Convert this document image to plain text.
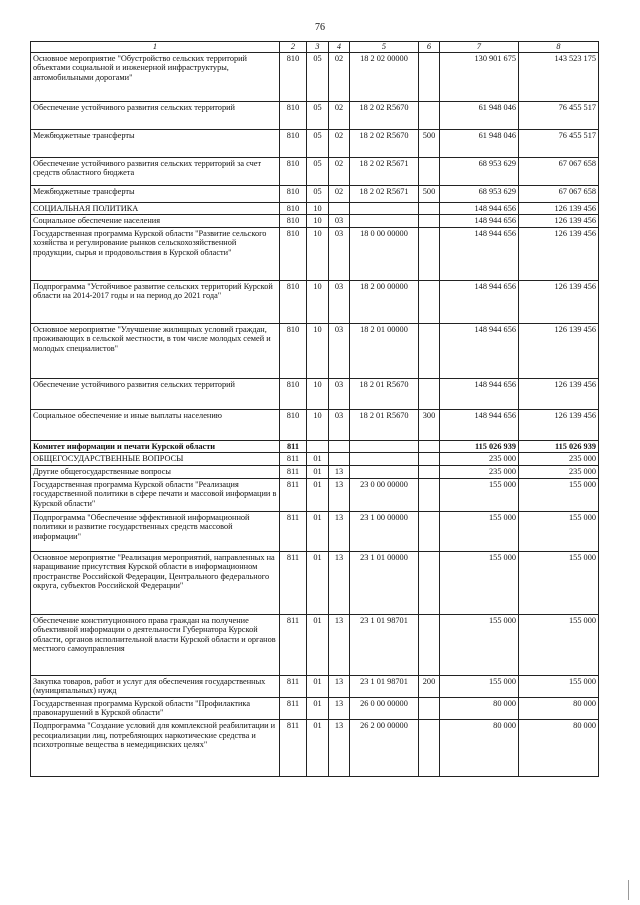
76
1	2	3	4	5	6	7	8
Основное мероприятие "Обустройство сельских территорий объектами социальной и инженерной инфраструктуры, автомобильными дорогами"	810	05	02	18 2 02 00000		130 901 675	143 523 175
Обеспечение устойчивого развития сельских территорий	810	05	02	18 2 02 R5670		61 948 046	76 455 517
Межбюджетные трансферты	810	05	02	18 2 02 R5670	500	61 948 046	76 455 517
Обеспечение устойчивого развития сельских территорий за счет средств областного бюджета	810	05	02	18 2 02 R5671		68 953 629	67 067 658
Межбюджетные трансферты	810	05	02	18 2 02 R5671	500	68 953 629	67 067 658
СОЦИАЛЬНАЯ ПОЛИТИКА	810	10				148 944 656	126 139 456
Социальное обеспечение населения	810	10	03			148 944 656	126 139 456
Государственная программа Курской области "Развитие сельского хозяйства и регулирование рынков сельскохозяйственной продукции, сырья и продовольствия в Курской области"	810	10	03	18 0 00 00000		148 944 656	126 139 456
Подпрограмма "Устойчивое развитие сельских территорий Курской области на 2014-2017 годы и на период до 2021 года"	810	10	03	18 2 00 00000		148 944 656	126 139 456
Основное мероприятие "Улучшение жилищных условий граждан, проживающих в сельской местности, в том числе молодых семей и молодых специалистов"	810	10	03	18 2 01 00000		148 944 656	126 139 456
Обеспечение устойчивого развития сельских территорий	810	10	03	18 2 01 R5670		148 944 656	126 139 456
Социальное обеспечение и иные выплаты населению	810	10	03	18 2 01 R5670	300	148 944 656	126 139 456
Комитет информации и печати Курской области	811					115 026 939	115 026 939
ОБЩЕГОСУДАРСТВЕННЫЕ ВОПРОСЫ	811	01				235 000	235 000
Другие общегосударственные вопросы	811	01	13			235 000	235 000
Государственная программа Курской области "Реализация государственной политики в сфере печати и массовой информации в Курской области"	811	01	13	23 0 00 00000		155 000	155 000
Подпрограмма "Обеспечение эффективной информационной политики и развитие государственных средств массовой информации"	811	01	13	23 1 00 00000		155 000	155 000
Основное мероприятие "Реализация мероприятий, направленных на наращивание присутствия Курской области в информационном пространстве Российской Федерации, Центрального федерального округа, субъектов Российской Федерации"	811	01	13	23 1 01 00000		155 000	155 000
Обеспечение конституционного права граждан на получение объективной информации о деятельности Губернатора Курской области, органов исполнительной власти Курской области и органов местного самоуправления	811	01	13	23 1 01 98701		155 000	155 000
Закупка товаров, работ и услуг для обеспечения государственных (муниципальных) нужд	811	01	13	23 1 01 98701	200	155 000	155 000
Государственная программа Курской области "Профилактика правонарушений в Курской области"	811	01	13	26 0 00 00000		80 000	80 000
Подпрограмма "Создание условий для комплексной реабилитации и ресоциализации лиц, потребляющих наркотические средства и психотропные вещества в немедицинских целях"	811	01	13	26 2 00 00000		80 000	80 000
